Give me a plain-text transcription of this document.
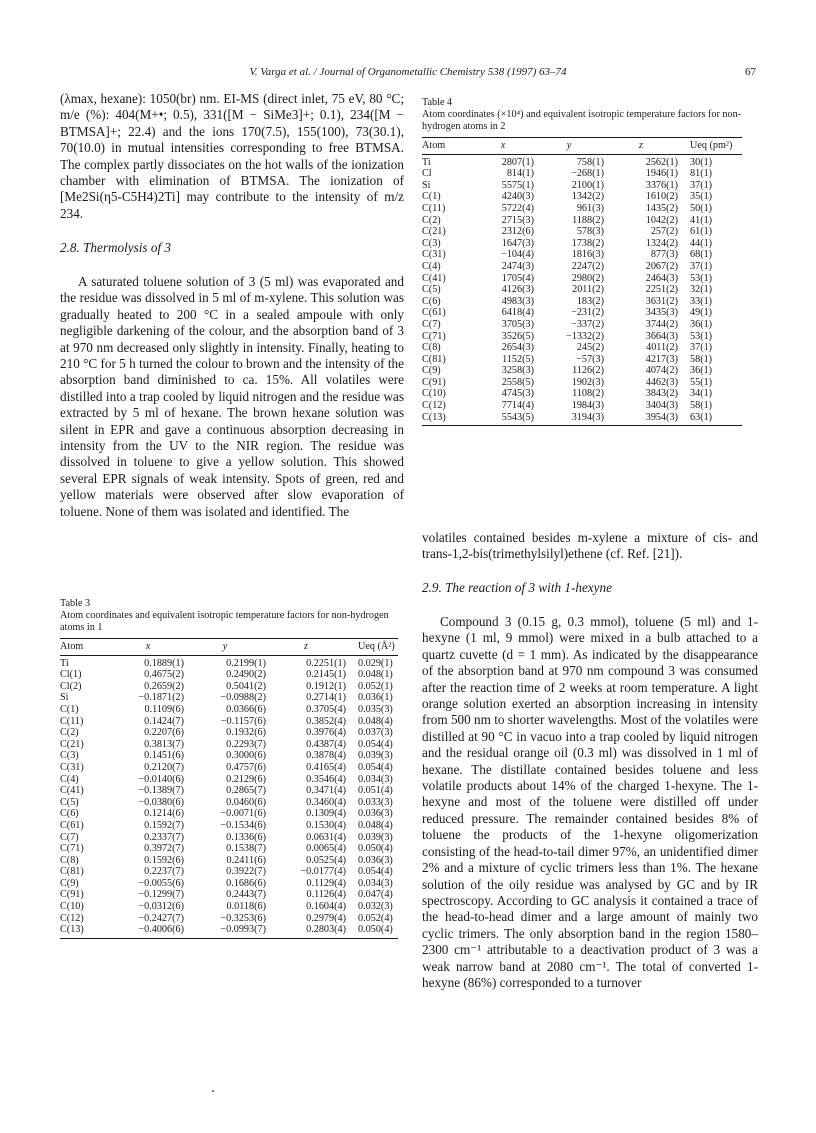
V. Varga et al. / Journal of Organometallic Chemistry 538 (1997) 63–74	67

(λmax, hexane): 1050(br) nm. EI-MS (direct inlet, 75 eV, 80 °C; m/e (%): 404(M+•; 0.5), 331([M − SiMe3]+; 0.1), 234([M − BTMSA]+; 22.4) and the ions 170(7.5), 155(100), 73(30.1), 70(10.0) in mutual intensities corresponding to free BTMSA. The complex partly dissociates on the hot walls of the ionization chamber with elimination of BTMSA. The ionization of [Me2Si(η5-C5H4)2Ti] may contribute to the intensity of m/z 234.

2.8. Thermolysis of 3

A saturated toluene solution of 3 (5 ml) was evaporated and the residue was dissolved in 5 ml of m-xylene. This solution was gradually heated to 200 °C in a sealed ampoule with only negligible darkening of the colour, and the absorption band of 3 at 970 nm decreased only slightly in intensity. Finally, heating to 210 °C for 5 h turned the colour to brown and the intensity of the absorption band diminished to ca. 15%. All volatiles were distilled into a trap cooled by liquid nitrogen and the residue was extracted by 5 ml of hexane. The brown hexane solution was silent in EPR and gave a continuous absorption decreasing in intensity from the UV to the NIR region. The residue was dissolved in toluene to give a yellow solution. This showed several EPR signals of weak intensity. Spots of green, red and yellow materials were observed after slow evaporation of toluene. None of them was isolated and identified. The

Table 3

Atom coordinates and equivalent isotropic temperature factors for non-hydrogen atoms in 1

Atom	x	y	z	Ueq (Å²)
Ti	0.1889(1)	0.2199(1)	0.2251(1)	0.029(1)
Cl(1)	0.4675(2)	0.2490(2)	0.2145(1)	0.048(1)
Cl(2)	0.2659(2)	0.5041(2)	0.1912(1)	0.052(1)
Si	−0.1871(2)	−0.0988(2)	0.2714(1)	0.036(1)
C(1)	0.1109(6)	0.0366(6)	0.3705(4)	0.035(3)
C(11)	0.1424(7)	−0.1157(6)	0.3852(4)	0.048(4)
C(2)	0.2207(6)	0.1932(6)	0.3976(4)	0.037(3)
C(21)	0.3813(7)	0.2293(7)	0.4387(4)	0.054(4)
C(3)	0.1451(6)	0.3000(6)	0.3878(4)	0.039(3)
C(31)	0.2120(7)	0.4757(6)	0.4165(4)	0.054(4)
C(4)	−0.0140(6)	0.2129(6)	0.3546(4)	0.034(3)
C(41)	−0.1389(7)	0.2865(7)	0.3471(4)	0.051(4)
C(5)	−0.0380(6)	0.0460(6)	0.3460(4)	0.033(3)
C(6)	0.1214(6)	−0.0071(6)	0.1309(4)	0.036(3)
C(61)	0.1592(7)	−0.1534(6)	0.1530(4)	0.048(4)
C(7)	0.2337(7)	0.1336(6)	0.0631(4)	0.039(3)
C(71)	0.3972(7)	0.1538(7)	0.0065(4)	0.050(4)
C(8)	0.1592(6)	0.2411(6)	0.0525(4)	0.036(3)
C(81)	0.2237(7)	0.3922(7)	−0.0177(4)	0.054(4)
C(9)	−0.0055(6)	0.1686(6)	0.1129(4)	0.034(3)
C(91)	−0.1299(7)	0.2443(7)	0.1126(4)	0.047(4)
C(10)	−0.0312(6)	0.0118(6)	0.1604(4)	0.032(3)
C(12)	−0.2427(7)	−0.3253(6)	0.2979(4)	0.052(4)
C(13)	−0.4006(6)	−0.0993(7)	0.2803(4)	0.050(4)

Table 4

Atom coordinates (×10⁴) and equivalent isotropic temperature factors for non-hydrogen atoms in 2

Atom	x	y	z	Ueq (pm²)
Ti	2807(1)	758(1)	2562(1)	30(1)
Cl	814(1)	−268(1)	1946(1)	81(1)
Si	5575(1)	2100(1)	3376(1)	37(1)
C(1)	4240(3)	1342(2)	1610(2)	35(1)
C(11)	5722(4)	961(3)	1435(2)	50(1)
C(2)	2715(3)	1188(2)	1042(2)	41(1)
C(21)	2312(6)	578(3)	257(2)	61(1)
C(3)	1647(3)	1738(2)	1324(2)	44(1)
C(31)	−104(4)	1816(3)	877(3)	68(1)
C(4)	2474(3)	2247(2)	2067(2)	37(1)
C(41)	1705(4)	2980(2)	2464(3)	53(1)
C(5)	4126(3)	2011(2)	2251(2)	32(1)
C(6)	4983(3)	183(2)	3631(2)	33(1)
C(61)	6418(4)	−231(2)	3435(3)	49(1)
C(7)	3705(3)	−337(2)	3744(2)	36(1)
C(71)	3526(5)	−1332(2)	3664(3)	53(1)
C(8)	2654(3)	245(2)	4011(2)	37(1)
C(81)	1152(5)	−57(3)	4217(3)	58(1)
C(9)	3258(3)	1126(2)	4074(2)	36(1)
C(91)	2558(5)	1902(3)	4462(3)	55(1)
C(10)	4745(3)	1108(2)	3843(2)	34(1)
C(12)	7714(4)	1984(3)	3404(3)	58(1)
C(13)	5543(5)	3194(3)	3954(3)	63(1)

volatiles contained besides m-xylene a mixture of cis- and trans-1,2-bis(trimethylsilyl)ethene (cf. Ref. [21]).

2.9. The reaction of 3 with 1-hexyne

Compound 3 (0.15 g, 0.3 mmol), toluene (5 ml) and 1-hexyne (1 ml, 9 mmol) were mixed in a bulb attached to a quartz cuvette (d = 1 mm). As indicated by the disappearance of the absorption band at 970 nm compound 3 was consumed after the reaction time of 2 weeks at room temperature. A light orange solution exerted an absorption increasing in intensity from 500 nm to shorter wavelengths. Most of the volatiles were distilled at 90 °C in vacuo into a trap cooled by liquid nitrogen and the residual orange oil (0.3 ml) was dissolved in 1 ml of hexane. The distillate contained besides toluene and less volatile products about 14% of the charged 1-hexyne. The 1-hexyne and most of the toluene were distilled off under reduced pressure. The remainder contained besides 8% of toluene the products of the 1-hexyne oligomerization consisting of the head-to-tail dimer 97%, an unidentified dimer 2% and a mixture of cyclic trimers less than 1%. The hexane solution of the oily residue was analysed by GC and by IR spectroscopy. According to GC analysis it contained a trace of the head-to-head dimer and a large amount of mainly two cyclic trimers. The only absorption band in the region 1580–2300 cm⁻¹ attributable to a deactivation product of 3 was a weak narrow band at 2080 cm⁻¹. The total of converted 1-hexyne (86%) corresponded to a turnover
